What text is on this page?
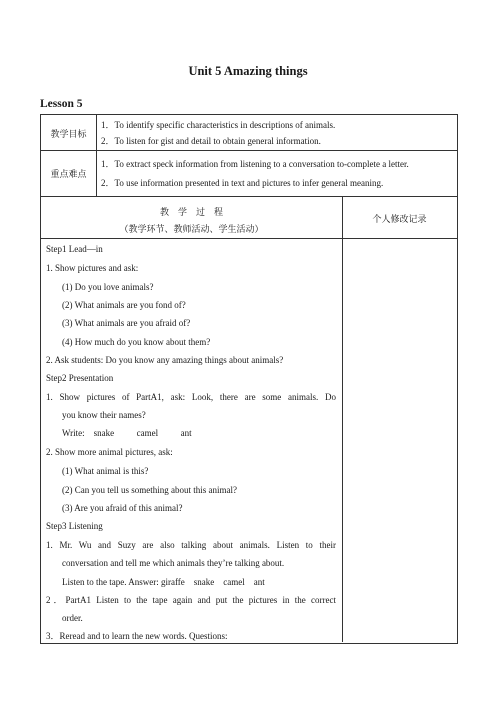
Unit 5 Amazing things
Lesson 5
教学目标
1．To identify specific characteristics in descriptions of animals.
2．To listen for gist and detail to obtain general information.
重点难点
1．To extract speck information from listening to a conversation to-complete a letter.
2．To use information presented in text and pictures to infer general meaning.
教　学　过　程
（教学环节、教师活动、学生活动）
个人修改记录
Step1 Lead—in
1. Show pictures and ask:
(1) Do you love animals?
(2) What animals are you fond of?
(3) What animals are you afraid of?
(4) How much do you know about them?
2. Ask students: Do you know any amazing things about animals?
Step2 Presentation
1. Show pictures of PartA1, ask: Look, there are some animals. Do
you know their names?
Write:    snake          camel          ant
2. Show more animal pictures, ask:
(1) What animal is this?
(2) Can you tell us something about this animal?
(3) Are you afraid of this animal?
Step3 Listening
1. Mr. Wu and Suzy are also talking about animals. Listen to their
conversation and tell me which animals they’re talking about.
Listen to the tape. Answer: giraffe    snake    camel    ant
2．PartA1 Listen to the tape again and put the pictures in the correct
order.
3．Reread and to learn the new words. Questions:
